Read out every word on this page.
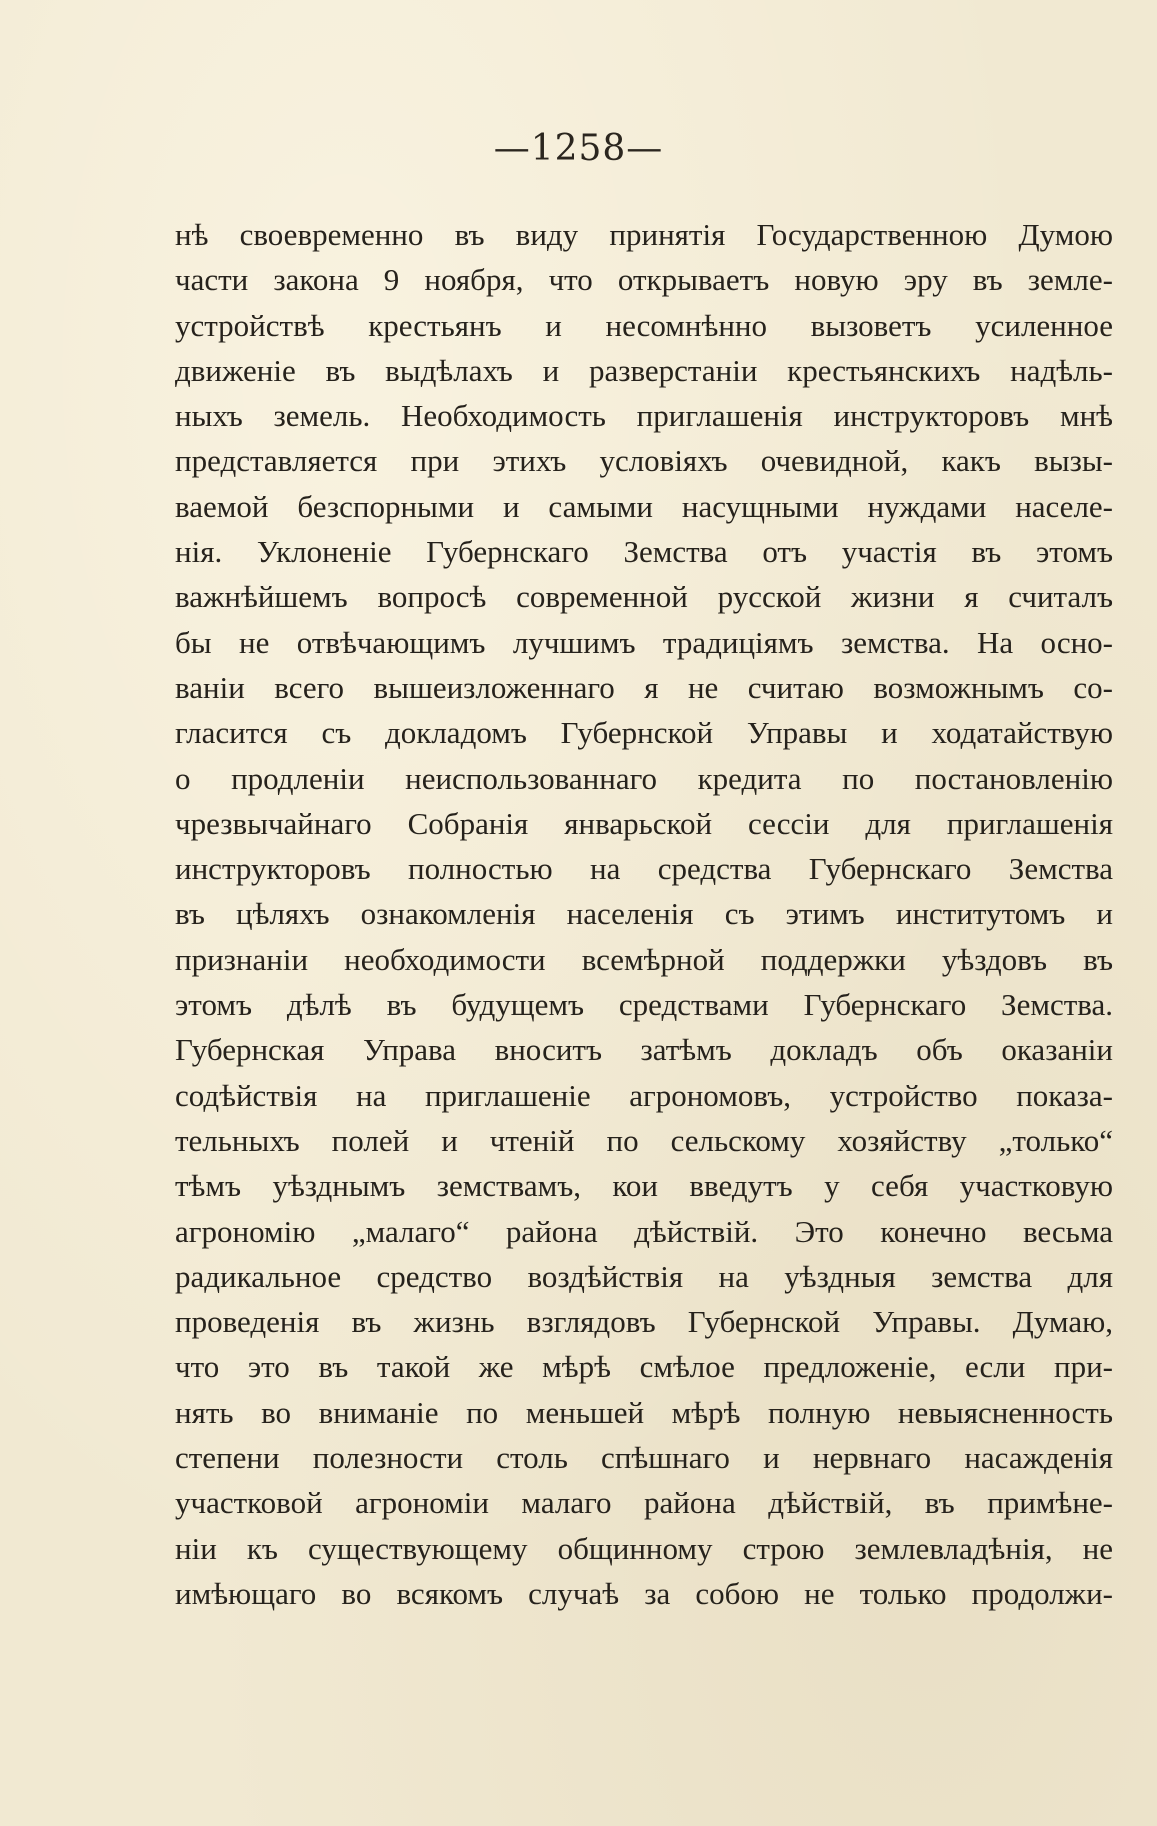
—1258—
нѣ своевременно въ виду принятія Государственною Думою
части закона 9 ноября, что открываетъ новую эру въ земле-
устройствѣ крестьянъ и несомнѣнно вызоветъ усиленное
движеніе въ выдѣлахъ и разверстаніи крестьянскихъ надѣль-
ныхъ земель. Необходимость приглашенія инструкторовъ мнѣ
представляется при этихъ условіяхъ очевидной, какъ вызы-
ваемой безспорными и самыми насущными нуждами населе-
нія. Уклоненіе Губернскаго Земства отъ участія въ этомъ
важнѣйшемъ вопросѣ современной русской жизни я считалъ
бы не отвѣчающимъ лучшимъ традиціямъ земства. На осно-
ваніи всего вышеизложеннаго я не считаю возможнымъ со-
гласится съ докладомъ Губернской Управы и ходатайствую
о продленіи неиспользованнаго кредита по постановленію
чрезвычайнаго Собранія январьской сессіи для приглашенія
инструкторовъ полностью на средства Губернскаго Земства
въ цѣляхъ ознакомленія населенія съ этимъ институтомъ и
признаніи необходимости всемѣрной поддержки уѣздовъ въ
этомъ дѣлѣ въ будущемъ средствами Губернскаго Земства.
Губернская Управа вноситъ затѣмъ докладъ объ оказаніи
содѣйствія на приглашеніе агрономовъ, устройство показа-
тельныхъ полей и чтеній по сельскому хозяйству „только“
тѣмъ уѣзднымъ земствамъ, кои введутъ у себя участковую
агрономію „малаго“ района дѣйствій. Это конечно весьма
радикальное средство воздѣйствія на уѣздныя земства для
проведенія въ жизнь взглядовъ Губернской Управы. Думаю,
что это въ такой же мѣрѣ смѣлое предложеніе, если при-
нять во вниманіе по меньшей мѣрѣ полную невыясненность
степени полезности столь спѣшнаго и нервнаго насажденія
участковой агрономіи малаго района дѣйствій, въ примѣне-
ніи къ существующему общинному строю землевладѣнія, не
имѣющаго во всякомъ случаѣ за собою не только продолжи-
